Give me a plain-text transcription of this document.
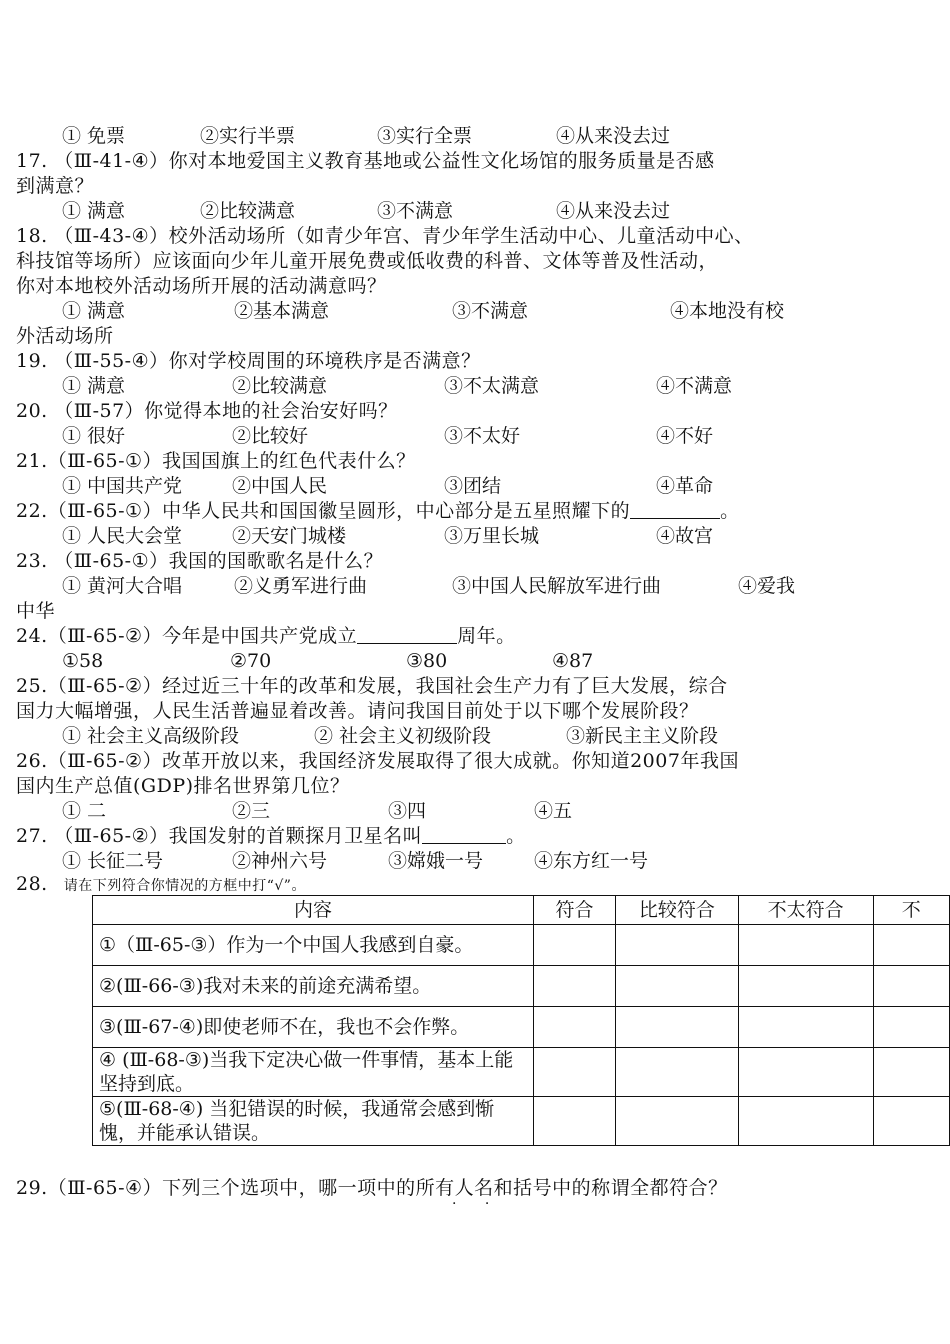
① 免票	②实行半票	③实行全票	④从来没去过
17. （Ⅲ-41-④）你对本地爱国主义教育基地或公益性文化场馆的服务质量是否感
到满意？
① 满意	②比较满意	③不满意	④从来没去过
18. （Ⅲ-43-④）校外活动场所（如青少年宫、青少年学生活动中心、儿童活动中心、
科技馆等场所）应该面向少年儿童开展免费或低收费的科普、文体等普及性活动，
你对本地校外活动场所开展的活动满意吗？
① 满意	②基本满意	③不满意	④本地没有校
外活动场所
19. （Ⅲ-55-④）你对学校周围的环境秩序是否满意？
① 满意	②比较满意	③不太满意	④不满意
20. （Ⅲ-57）你觉得本地的社会治安好吗？
① 很好	②比较好	③不太好	④不好
21.（Ⅲ-65-①）我国国旗上的红色代表什么？
① 中国共产党	②中国人民	③团结	④革命
22.（Ⅲ-65-①）中华人民共和国国徽呈圆形，中心部分是五星照耀下的	。
① 人民大会堂	②天安门城楼	③万里长城	④故宫
23. （Ⅲ-65-①）我国的国歌歌名是什么？
① 黄河大合唱	②义勇军进行曲	③中国人民解放军进行曲	④爱我
中华
24.（Ⅲ-65-②）今年是中国共产党成立	周年。
①58	②70	③80	④87
25.（Ⅲ-65-②）经过近三十年的改革和发展，我国社会生产力有了巨大发展，综合
国力大幅增强，人民生活普遍显着改善。请问我国目前处于以下哪个发展阶段？
① 社会主义高级阶段	② 社会主义初级阶段	③新民主主义阶段
26.（Ⅲ-65-②）改革开放以来，我国经济发展取得了很大成就。你知道2007年我国
国内生产总值(GDP)排名世界第几位？
① 二	②三	③四	④五
27. （Ⅲ-65-②）我国发射的首颗探月卫星名叫	。
① 长征二号	②神州六号	③嫦娥一号	④东方红一号
28. 请在下列符合你情况的方框中打“√”。
内容	符合	比较符合	不太符合	不
①（Ⅲ-65-③）作为一个中国人我感到自豪。				
②(Ⅲ-66-③)我对未来的前途充满希望。				
③(Ⅲ-67-④)即使老师不在，我也不会作弊。				
④ (Ⅲ-68-③)当我下定决心做一件事情，基本上能坚持到底。				
⑤(Ⅲ-68-④) 当犯错误的时候，我通常会感到惭愧，并能承认错误。				
29.（Ⅲ-65-④）下列三个选项中，哪一项中的所有人名和括号中的称谓全都符合？
· ·
